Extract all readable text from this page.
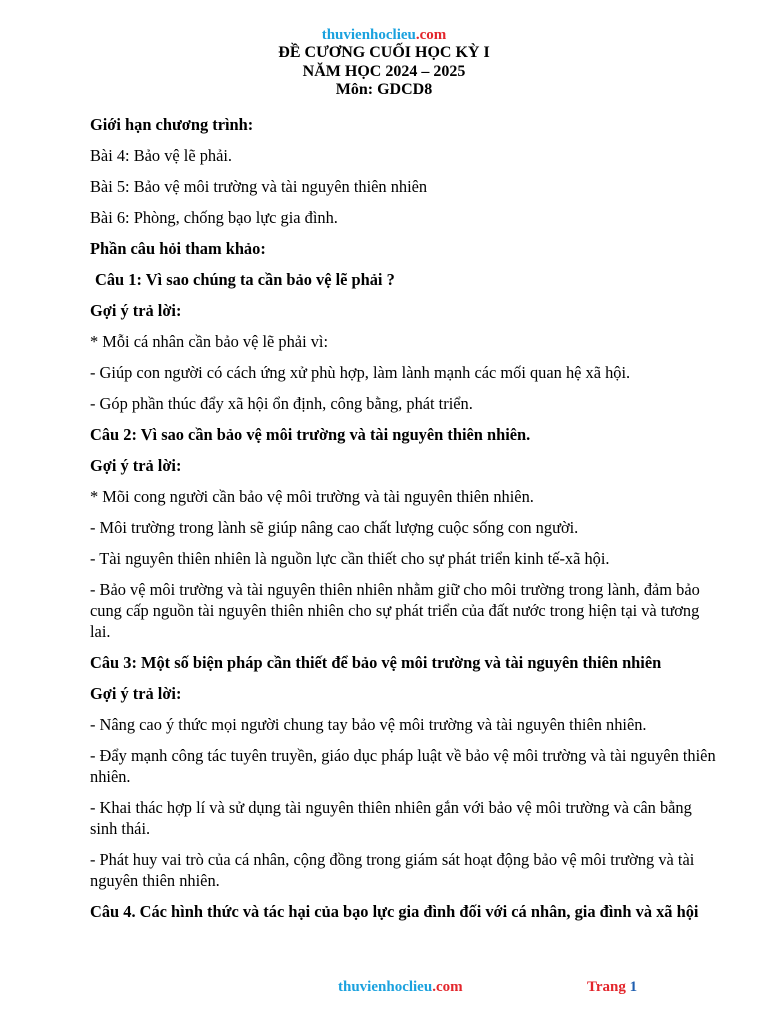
thuvienhoclieu.com
ĐỀ CƯƠNG CUỐI HỌC KỲ I
NĂM HỌC 2024 – 2025
Môn: GDCD8

Giới hạn chương trình:

Bài 4: Bảo vệ lẽ phải.

Bài 5: Bảo vệ môi trường và tài nguyên thiên nhiên

Bài 6: Phòng, chống bạo lực gia đình.

Phần câu hỏi tham khảo:

Câu 1: Vì sao chúng ta cần bảo vệ lẽ phải ?

Gợi ý trả lời:

* Mỗi cá nhân cần bảo vệ lẽ phải vì:

- Giúp con người có cách ứng xử phù hợp, làm lành mạnh các mối quan hệ xã hội.

- Góp phần thúc đẩy xã hội ổn định, công bằng, phát triển.

Câu 2: Vì sao cần bảo vệ môi trường và tài nguyên thiên nhiên.

Gợi ý trả lời:

* Mõi cong người cần bảo vệ môi trường và tài nguyên thiên nhiên.

- Môi trường trong lành sẽ giúp nâng cao chất lượng cuộc sống con người.

- Tài nguyên thiên nhiên là nguồn lực cần thiết cho sự phát triển kinh tế-xã hội.

- Bảo vệ môi trường và tài nguyên thiên nhiên nhằm giữ cho môi trường trong lành, đảm bảo cung cấp nguồn tài nguyên thiên nhiên cho sự phát triển của đất nước trong hiện tại và tương lai.

Câu 3: Một số biện pháp cần thiết để bảo vệ môi trường và tài nguyên thiên nhiên

Gợi ý trả lời:

- Nâng cao ý thức mọi người chung tay bảo vệ môi trường và tài nguyên thiên nhiên.

- Đẩy mạnh công tác tuyên truyền, giáo dục pháp luật về bảo vệ môi trường và tài nguyên thiên nhiên.

- Khai thác hợp lí và sử dụng tài nguyên thiên nhiên gắn với bảo vệ môi trường và cân bằng sinh thái.

- Phát huy vai trò của cá nhân, cộng đồng trong giám sát hoạt động bảo vệ môi trường và tài nguyên thiên nhiên.

Câu 4. Các hình thức và tác hại của bạo lực gia đình đối với cá nhân, gia đình và xã hội

thuvienhoclieu.com	Trang 1
